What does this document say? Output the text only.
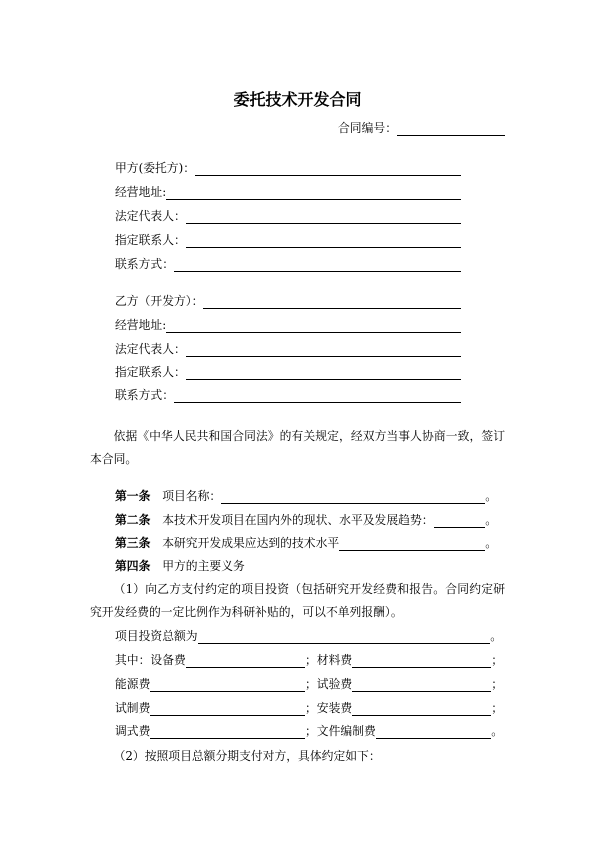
委托技术开发合同
合同编号：
甲方(委托方)：
经营地址:
法定代表人：
指定联系人：
联系方式：
乙方（开发方）：
经营地址:
法定代表人：
指定联系人：
联系方式：
依据《中华人民共和国合同法》的有关规定，经双方当事人协商一致，签订本合同。
第一条 项目名称：	。
第二条 本技术开发项目在国内外的现状、水平及发展趋势：	。
第三条 本研究开发成果应达到的技术水平	。
第四条 甲方的主要义务
（1）向乙方支付约定的项目投资（包括研究开发经费和报告。合同约定研究开发经费的一定比例作为科研补贴的，可以不单列报酬）。
项目投资总额为	。
其中：设备费	；材料费	；
能源费	；试验费	；
试制费	；安装费	；
调式费	；文件编制费	。
（2）按照项目总额分期支付对方，具体约定如下：
